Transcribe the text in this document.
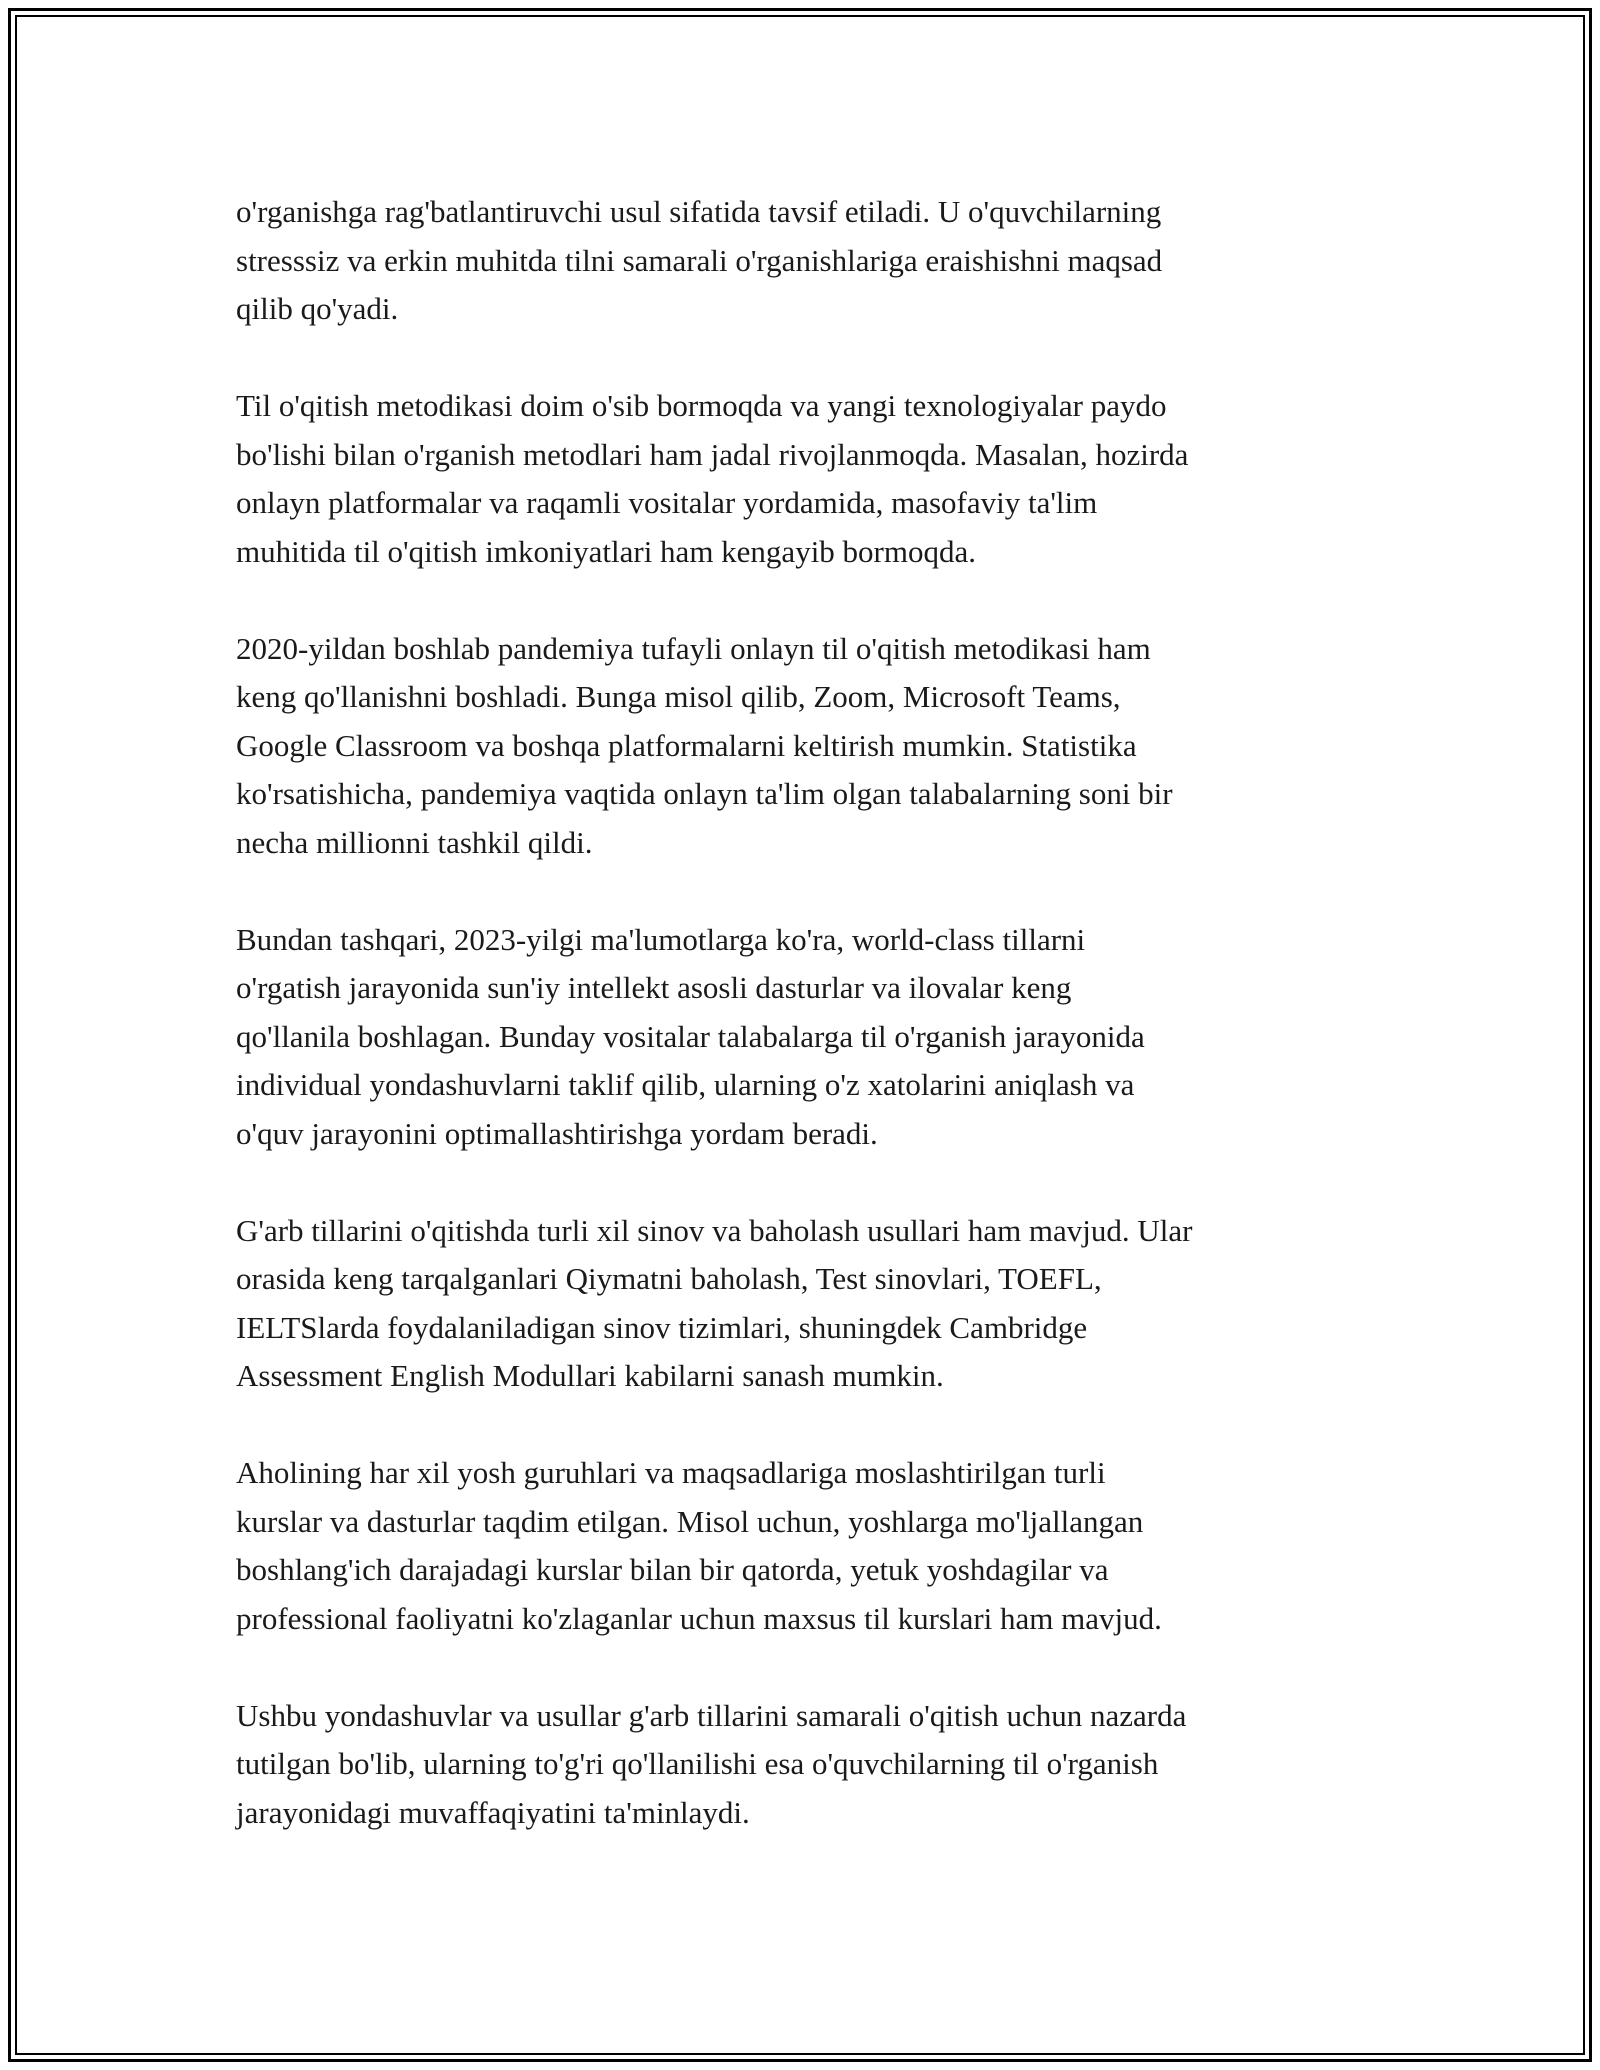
o'rganishga rag'batlantiruvchi usul sifatida tavsif etiladi. U o'quvchilarning
stresssiz va erkin muhitda tilni samarali o'rganishlariga eraishishni maqsad
qilib qo'yadi.

Til o'qitish metodikasi doim o'sib bormoqda va yangi texnologiyalar paydo
bo'lishi bilan o'rganish metodlari ham jadal rivojlanmoqda. Masalan, hozirda
onlayn platformalar va raqamli vositalar yordamida, masofaviy ta'lim
muhitida til o'qitish imkoniyatlari ham kengayib bormoqda.

2020-yildan boshlab pandemiya tufayli onlayn til o'qitish metodikasi ham
keng qo'llanishni boshladi. Bunga misol qilib, Zoom, Microsoft Teams,
Google Classroom va boshqa platformalarni keltirish mumkin. Statistika
ko'rsatishicha, pandemiya vaqtida onlayn ta'lim olgan talabalarning soni bir
necha millionni tashkil qildi.

Bundan tashqari, 2023-yilgi ma'lumotlarga ko'ra, world-class tillarni
o'rgatish jarayonida sun'iy intellekt asosli dasturlar va ilovalar keng
qo'llanila boshlagan. Bunday vositalar talabalarga til o'rganish jarayonida
individual yondashuvlarni taklif qilib, ularning o'z xatolarini aniqlash va
o'quv jarayonini optimallashtirishga yordam beradi.

G'arb tillarini o'qitishda turli xil sinov va baholash usullari ham mavjud. Ular
orasida keng tarqalganlari Qiymatni baholash, Test sinovlari, TOEFL,
IELTSlarda foydalaniladigan sinov tizimlari, shuningdek Cambridge
Assessment English Modullari kabilarni sanash mumkin.

Aholining har xil yosh guruhlari va maqsadlariga moslashtirilgan turli
kurslar va dasturlar taqdim etilgan. Misol uchun, yoshlarga mo'ljallangan
boshlang'ich darajadagi kurslar bilan bir qatorda, yetuk yoshdagilar va
professional faoliyatni ko'zlaganlar uchun maxsus til kurslari ham mavjud.

Ushbu yondashuvlar va usullar g'arb tillarini samarali o'qitish uchun nazarda
tutilgan bo'lib, ularning to'g'ri qo'llanilishi esa o'quvchilarning til o'rganish
jarayonidagi muvaffaqiyatini ta'minlaydi.
